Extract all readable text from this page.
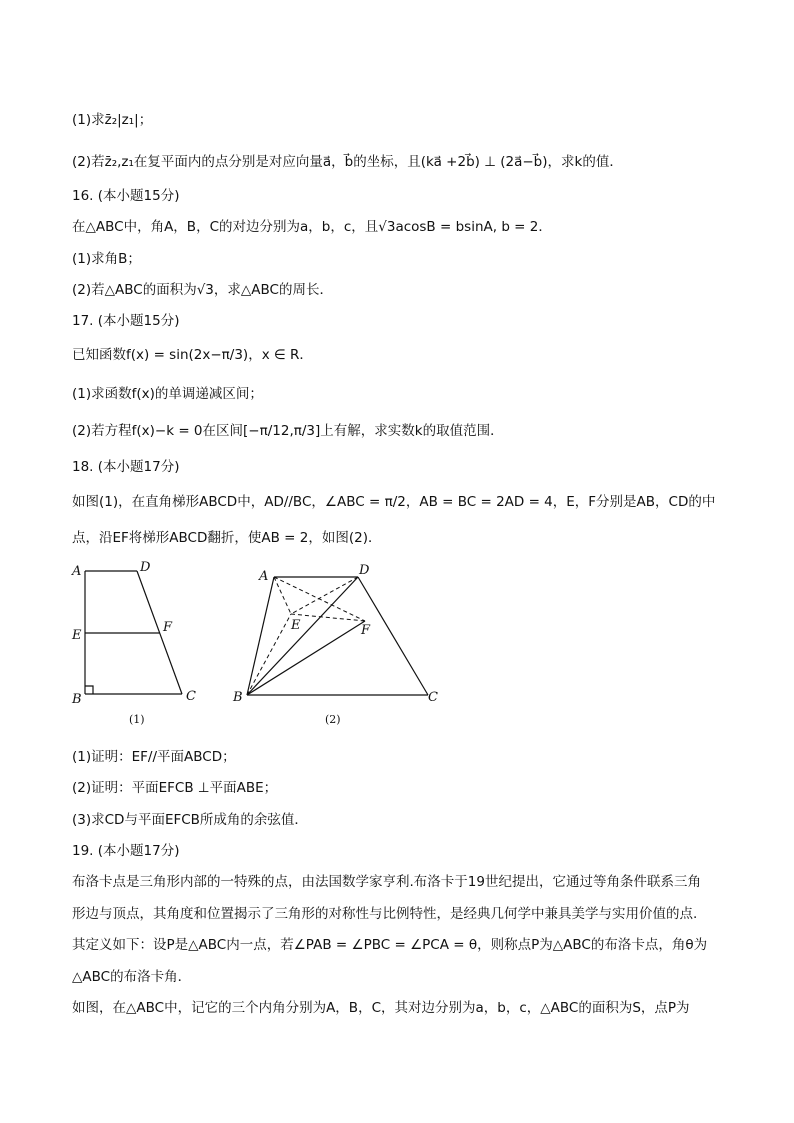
(1)求z̄₂|z₁|；
(2)若z̄₂,z₁在复平面内的点分别是对应向量a⃗，b⃗的坐标，且(ka⃗ +2b⃗) ⊥ (2a⃗−b⃗)，求k的值．
16. (本小题15分)
在△ABC中，角A，B，C的对边分别为a，b，c，且√3acosB = bsinA, b = 2．
(1)求角B；
(2)若△ABC的面积为√3，求△ABC的周长．
17. (本小题15分)
已知函数f(x) = sin(2x−π/3)，x ∈ R．
(1)求函数f(x)的单调递减区间；
(2)若方程f(x)−k = 0在区间[−π/12,π/3]上有解，求实数k的取值范围．
18. (本小题17分)
如图(1)，在直角梯形ABCD中，AD//BC，∠ABC = π/2，AB = BC = 2AD = 4，E，F分别是AB，CD的中
点，沿EF将梯形ABCD翻折，使AB = 2，如图(2)．
(1)证明：EF//平面ABCD；
(2)证明：平面EFCB ⊥平面ABE；
(3)求CD与平面EFCB所成角的余弦值．
19. (本小题17分)
布洛卡点是三角形内部的一特殊的点，由法国数学家亨利.布洛卡于19世纪提出，它通过等角条件联系三角
形边与顶点，其角度和位置揭示了三角形的对称性与比例特性，是经典几何学中兼具美学与实用价值的点.
其定义如下：设P是△ABC内一点，若∠PAB = ∠PBC = ∠PCA = θ，则称点P为△ABC的布洛卡点，角θ为
△ABC的布洛卡角．
如图，在△ABC中，记它的三个内角分别为A，B，C，其对边分别为a，b，c，△ABC的面积为S，点P为
A	D
E
F
B	C
(1)
A	D
E	F
B	C
(2)
